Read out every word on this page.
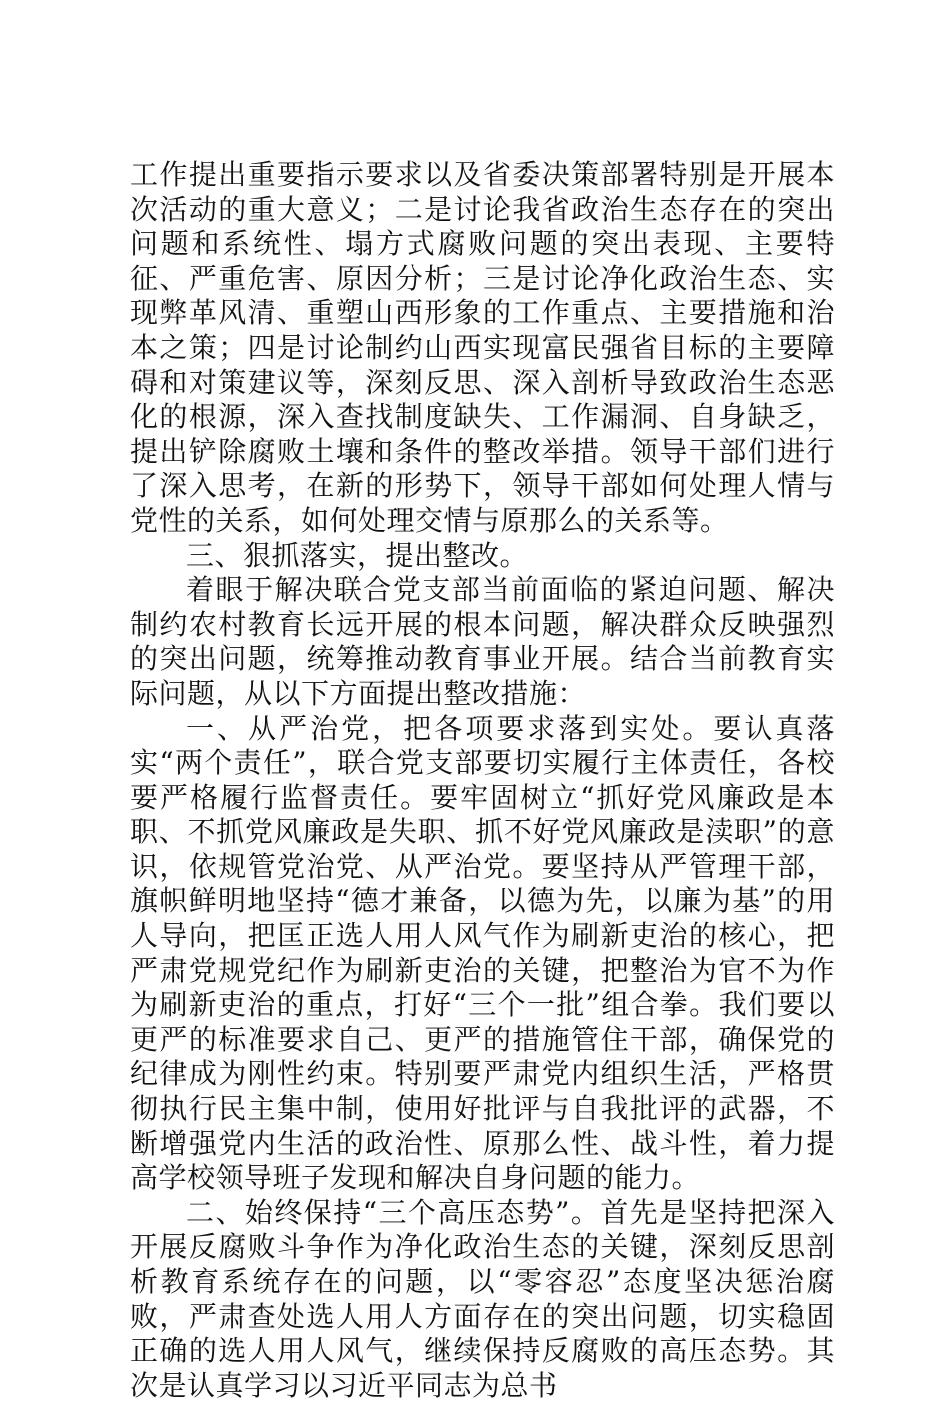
工作提出重要指示要求以及省委决策部署特别是开展本次活动的重大意义；二是讨论我省政治生态存在的突出问题和系统性、塌方式腐败问题的突出表现、主要特征、严重危害、原因分析；三是讨论净化政治生态、实现弊革风清、重塑山西形象的工作重点、主要措施和治本之策；四是讨论制约山西实现富民强省目标的主要障碍和对策建议等，深刻反思、深入剖析导致政治生态恶化的根源，深入查找制度缺失、工作漏洞、自身缺乏，提出铲除腐败土壤和条件的整改举措。领导干部们进行了深入思考，在新的形势下，领导干部如何处理人情与党性的关系，如何处理交情与原那么的关系等。

三、狠抓落实，提出整改。

着眼于解决联合党支部当前面临的紧迫问题、解决制约农村教育长远开展的根本问题，解决群众反映强烈的突出问题，统筹推动教育事业开展。结合当前教育实际问题，从以下方面提出整改措施：

一、从严治党，把各项要求落到实处。要认真落实“两个责任”，联合党支部要切实履行主体责任，各校要严格履行监督责任。要牢固树立“抓好党风廉政是本职、不抓党风廉政是失职、抓不好党风廉政是渎职”的意识，依规管党治党、从严治党。要坚持从严管理干部，旗帜鲜明地坚持“德才兼备，以德为先，以廉为基”的用人导向，把匡正选人用人风气作为刷新吏治的核心，把严肃党规党纪作为刷新吏治的关键，把整治为官不为作为刷新吏治的重点，打好“三个一批”组合拳。我们要以更严的标准要求自己、更严的措施管住干部，确保党的纪律成为刚性约束。特别要严肃党内组织生活，严格贯彻执行民主集中制，使用好批评与自我批评的武器，不断增强党内生活的政治性、原那么性、战斗性，着力提高学校领导班子发现和解决自身问题的能力。

二、始终保持“三个高压态势”。首先是坚持把深入开展反腐败斗争作为净化政治生态的关键，深刻反思剖析教育系统存在的问题，以“零容忍”态度坚决惩治腐败，严肃查处选人用人方面存在的突出问题，切实稳固正确的选人用人风气，继续保持反腐败的高压态势。其次是认真学习以习近平同志为总书
